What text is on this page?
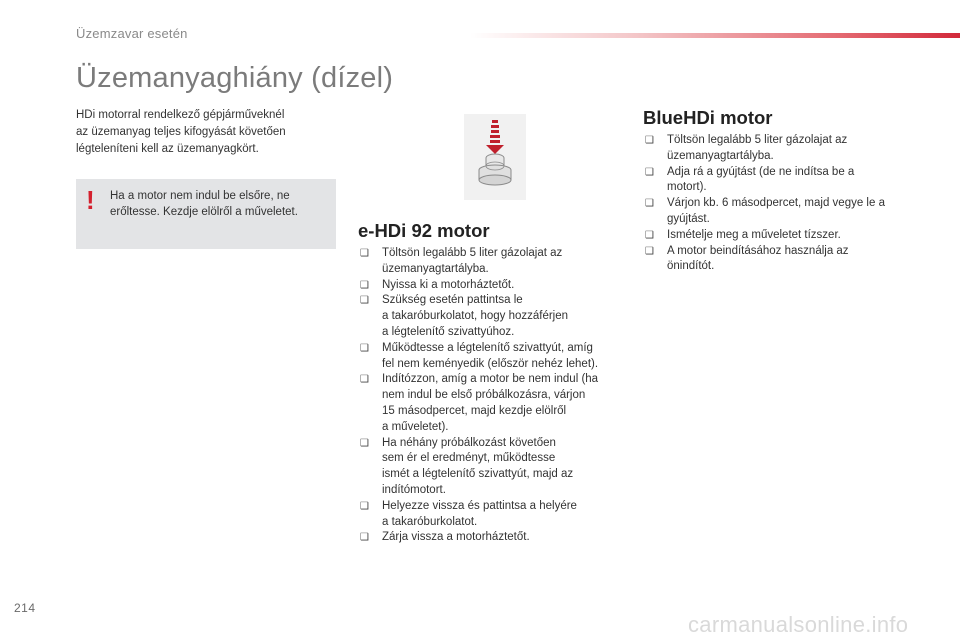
Üzemzavar esetén
Üzemanyaghiány (dízel)
HDi motorral rendelkező gépjárműveknél
az üzemanyag teljes kifogyását követően
légteleníteni kell az üzemanyagkört.
! Ha a motor nem indul be elsőre, ne
erőltesse. Kezdje elölről a műveletet.
e-HDi 92 motor
❑ Töltsön legalább 5 liter gázolajat az
üzemanyagtartályba.
❑ Nyissa ki a motorháztetőt.
❑ Szükség esetén pattintsa le
a takaróburkolatot, hogy hozzáférjen
a légtelenítő szivattyúhoz.
❑ Működtesse a légtelenítő szivattyút, amíg
fel nem keményedik (először nehéz lehet).
❑ Indítózzon, amíg a motor be nem indul (ha
nem indul be első próbálkozásra, várjon
15 másodpercet, majd kezdje elölről
a műveletet).
❑ Ha néhány próbálkozást követően
sem ér el eredményt, működtesse
ismét a légtelenítő szivattyút, majd az
indítómotort.
❑ Helyezze vissza és pattintsa a helyére
a takaróburkolatot.
❑ Zárja vissza a motorháztetőt.
BlueHDi motor
❑ Töltsön legalább 5 liter gázolajat az
üzemanyagtartályba.
❑ Adja rá a gyújtást (de ne indítsa be a
motort).
❑ Várjon kb. 6 másodpercet, majd vegye le a
gyújtást.
❑ Ismételje meg a műveletet tízszer.
❑ A motor beindításához használja az
önindítót.
214
carmanualsonline.info
